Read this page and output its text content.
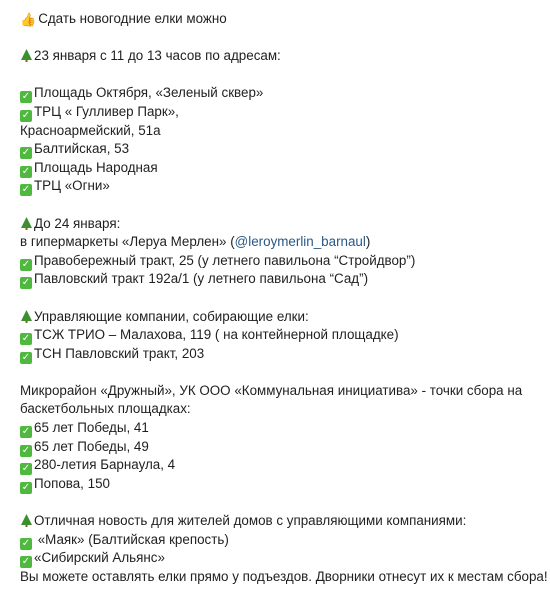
👍 Сдать новогодние елки можно
23 января с 11 до 13 часов по адресам:
✓ Площадь Октября, «Зеленый сквер»
✓ ТРЦ « Гулливер Парк»,
Красноармейский, 51а
✓ Балтийская, 53
✓ Площадь Народная
✓ ТРЦ «Огни»
До 24 января:
в гипермаркеты «Леруа Мерлен» (@leroymerlin_barnaul)
✓ Правобережный тракт, 25 (у летнего павильона “Стройдвор”)
✓ Павловский тракт 192а/1 (у летнего павильона “Сад”)
Управляющие компании, собирающие елки:
✓ ТСЖ ТРИО – Малахова, 119 ( на контейнерной площадке)
✓ ТСН Павловский тракт, 203
Микрорайон «Дружный», УК ООО «Коммунальная инициатива» - точки сбора на
баскетбольных площадках:
✓ 65 лет Победы, 41
✓ 65 лет Победы, 49
✓ 280-летия Барнаула, 4
✓ Попова, 150
Отличная новость для жителей домов с управляющими компаниями:
✓ «Маяк» (Балтийская крепость)
✓ «Сибирский Альянс»
Вы можете оставлять елки прямо у подъездов. Дворники отнесут их к местам сбора!
